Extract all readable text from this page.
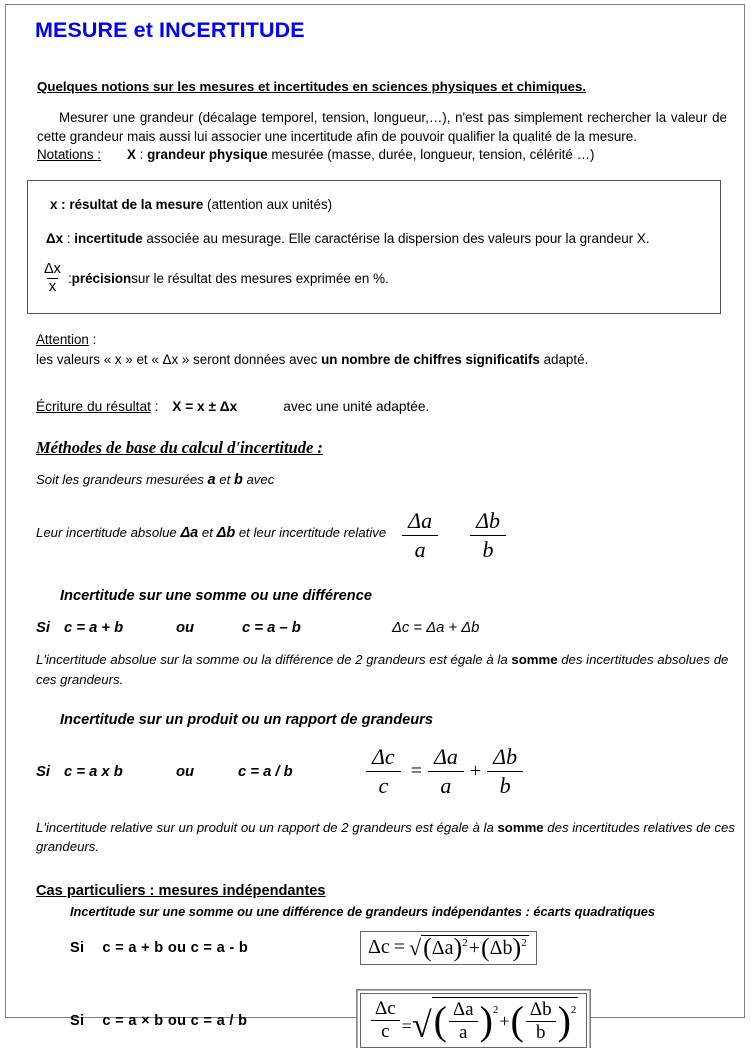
MESURE et INCERTITUDE
Quelques notions sur les mesures et incertitudes en sciences physiques et chimiques.
Mesurer une grandeur (décalage temporel, tension, longueur,…), n'est pas simplement rechercher la valeur de cette grandeur mais aussi lui associer une incertitude afin de pouvoir qualifier la qualité de la mesure.
Notations : X : grandeur physique mesurée (masse, durée, longueur, tension, célérité …)
x : résultat de la mesure (attention aux unités)
Δx : incertitude associée au mesurage. Elle caractérise la dispersion des valeurs pour la grandeur X.
$\frac{\Delta x}{x}$ : précision sur le résultat des mesures exprimée en %.
Attention :
les valeurs « x » et « Δx » seront données avec un nombre de chiffres significatifs adapté.
Écriture du résultat : X = x ± Δx	avec une unité adaptée.
Méthodes de base du calcul d'incertitude :
Soit les grandeurs mesurées a et b avec
Leur incertitude absolue Δa et Δb et leur incertitude relative $\frac{\Delta a}{a} \frac{\Delta b}{b}$
Incertitude sur une somme ou une différence
Si c = a + b	ou	c = a – b	Δc = Δa + Δb
L'incertitude absolue sur la somme ou la différence de 2 grandeurs est égale à la somme des incertitudes absolues de ces grandeurs.
Incertitude sur un produit ou un rapport de grandeurs
Si c = a x b	ou	c = a / b	$\frac{\Delta c}{c} = \frac{\Delta a}{a} + \frac{\Delta b}{b}$
L'incertitude relative sur un produit ou un rapport de 2 grandeurs est égale à la somme des incertitudes relatives de ces grandeurs.
Cas particuliers : mesures indépendantes
Incertitude sur une somme ou une différence de grandeurs indépendantes : écarts quadratiques
Si c = a + b ou c = a - b	Δc = √ ( Δa ) 2 + ( Δb ) 2
Si c = a × b ou c = a / b	$\frac{\Delta c}{c}$ = √ ( $\frac{\Delta a}{a}$ ) 2
+ ( $\frac{\Delta b}{b}$ ) 2
